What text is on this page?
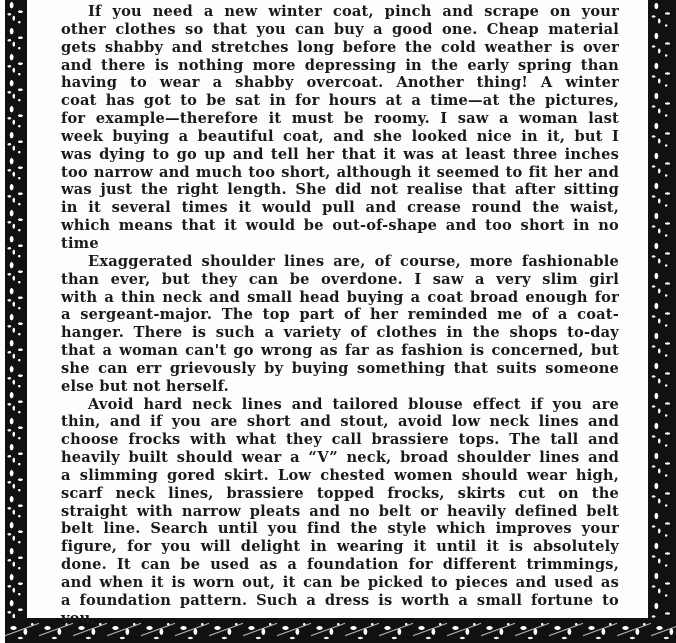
If you need a new winter coat, pinch and scrape on your
other clothes so that you can buy a good one. Cheap material
gets shabby and stretches long before the cold weather is over
and there is nothing more depressing in the early spring than
having to wear a shabby overcoat. Another thing! A winter
coat has got to be sat in for hours at a time—at the pictures,
for example—therefore it must be roomy. I saw a woman last
week buying a beautiful coat, and she looked nice in it, but I
was dying to go up and tell her that it was at least three inches
too narrow and much too short, although it seemed to fit her and
was just the right length. She did not realise that after sitting
in it several times it would pull and crease round the waist,
which means that it would be out-of-shape and too short in no
time
Exaggerated shoulder lines are, of course, more fashionable
than ever, but they can be overdone. I saw a very slim girl
with a thin neck and small head buying a coat broad enough for
a sergeant-major. The top part of her reminded me of a coat-
hanger. There is such a variety of clothes in the shops to-day
that a woman can't go wrong as far as fashion is concerned, but
she can err grievously by buying something that suits someone
else but not herself.
Avoid hard neck lines and tailored blouse effect if you are
thin, and if you are short and stout, avoid low neck lines and
choose frocks with what they call brassiere tops. The tall and
heavily built should wear a “V” neck, broad shoulder lines and
a slimming gored skirt. Low chested women should wear high,
scarf neck lines, brassiere topped frocks, skirts cut on the
straight with narrow pleats and no belt or heavily defined belt
belt line. Search until you find the style which improves your
figure, for you will delight in wearing it until it is absolutely
done. It can be used as a foundation for different trimmings,
and when it is worn out, it can be picked to pieces and used as
a foundation pattern. Such a dress is worth a small fortune to
you.
